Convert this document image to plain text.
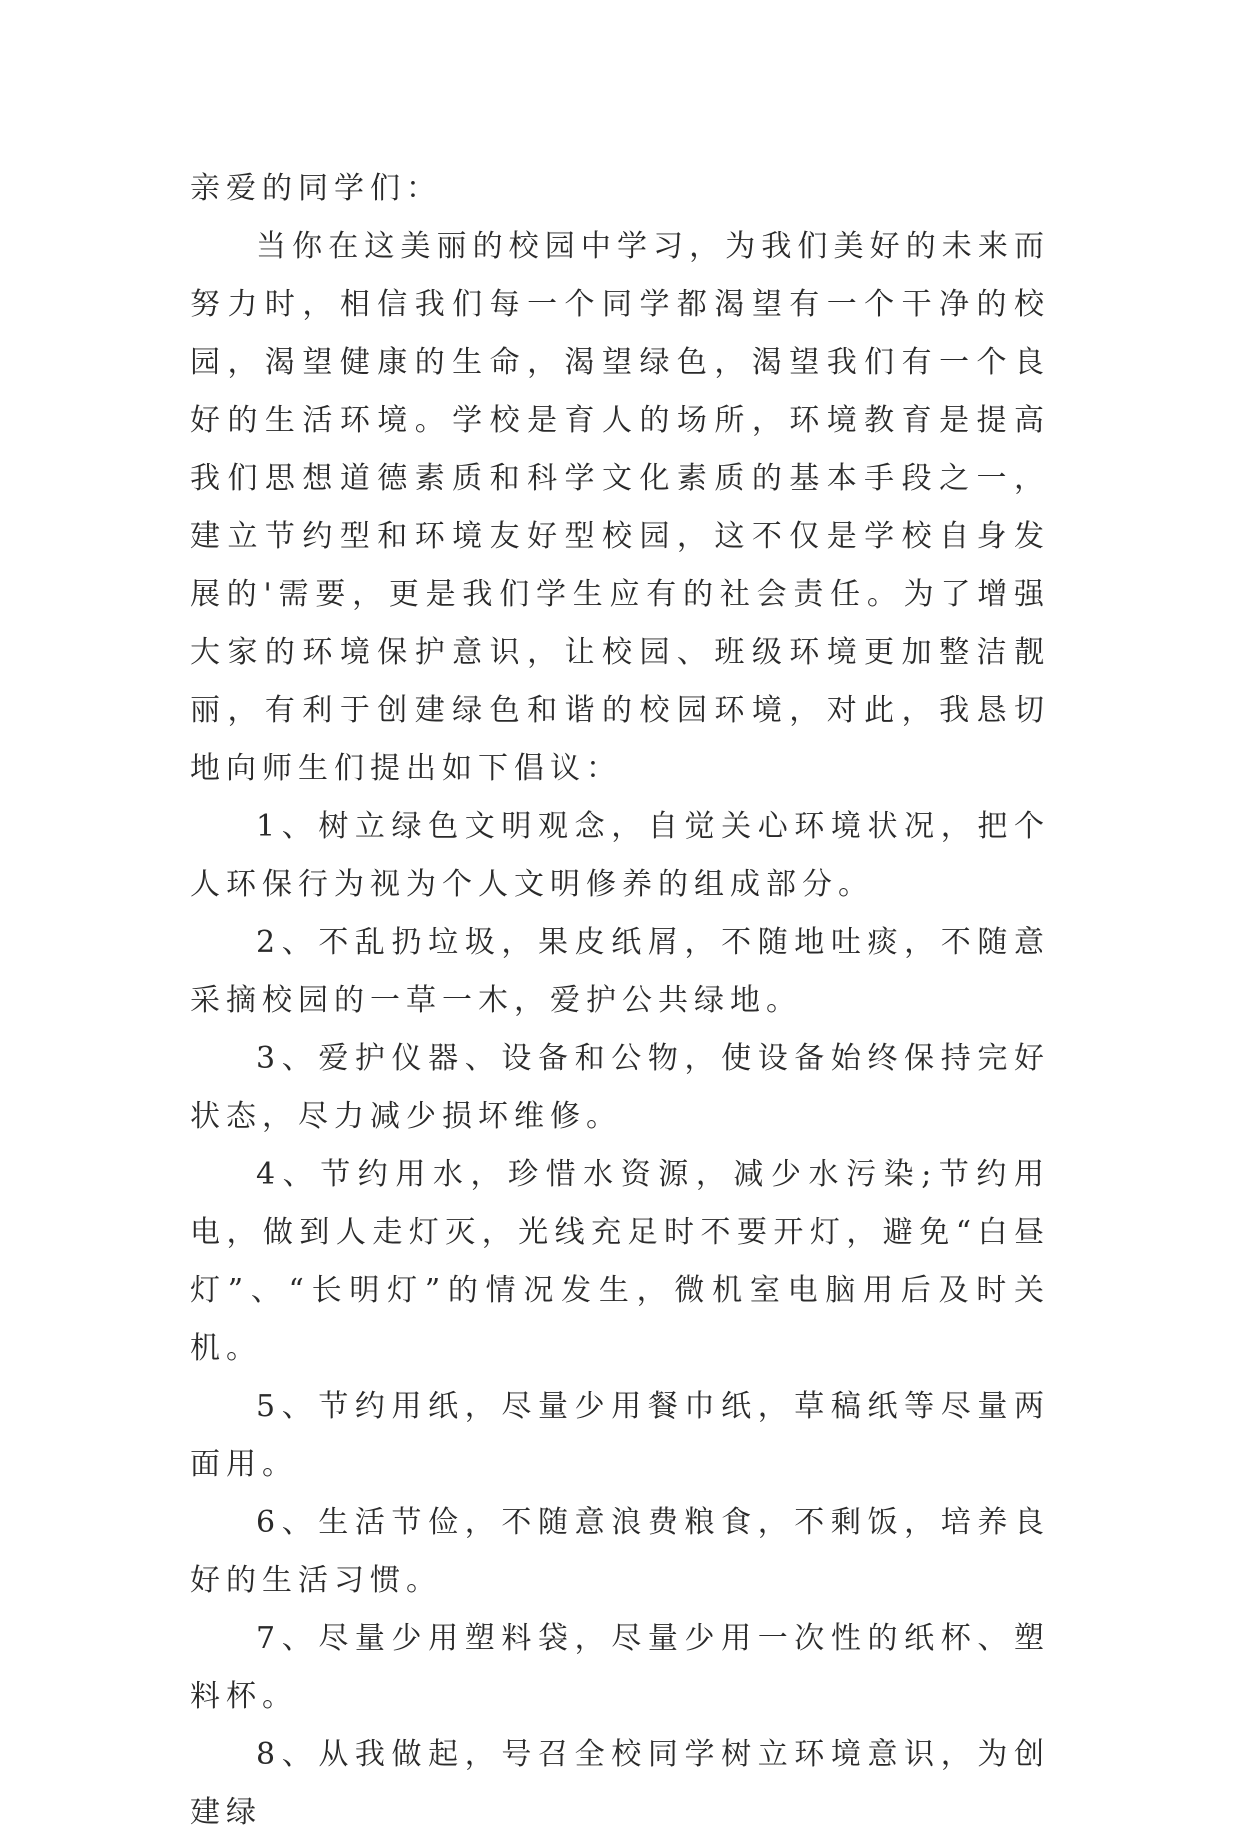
亲爱的同学们：

当你在这美丽的校园中学习，为我们美好的未来而努力时，相信我们每一个同学都渴望有一个干净的校园，渴望健康的生命，渴望绿色，渴望我们有一个良好的生活环境。学校是育人的场所，环境教育是提高我们思想道德素质和科学文化素质的基本手段之一，建立节约型和环境友好型校园，这不仅是学校自身发展的'需要，更是我们学生应有的社会责任。为了增强大家的环境保护意识，让校园、班级环境更加整洁靓丽，有利于创建绿色和谐的校园环境，对此，我恳切地向师生们提出如下倡议：

1、树立绿色文明观念，自觉关心环境状况，把个人环保行为视为个人文明修养的组成部分。

2、不乱扔垃圾，果皮纸屑，不随地吐痰，不随意采摘校园的一草一木，爱护公共绿地。

3、爱护仪器、设备和公物，使设备始终保持完好状态，尽力减少损坏维修。

4、节约用水，珍惜水资源，减少水污染;节约用电，做到人走灯灭，光线充足时不要开灯，避免“白昼灯”、“长明灯”的情况发生，微机室电脑用后及时关机。

5、节约用纸，尽量少用餐巾纸，草稿纸等尽量两面用。

6、生活节俭，不随意浪费粮食，不剩饭，培养良好的生活习惯。

7、尽量少用塑料袋，尽量少用一次性的纸杯、塑料杯。

8、从我做起，号召全校同学树立环境意识，为创建绿
